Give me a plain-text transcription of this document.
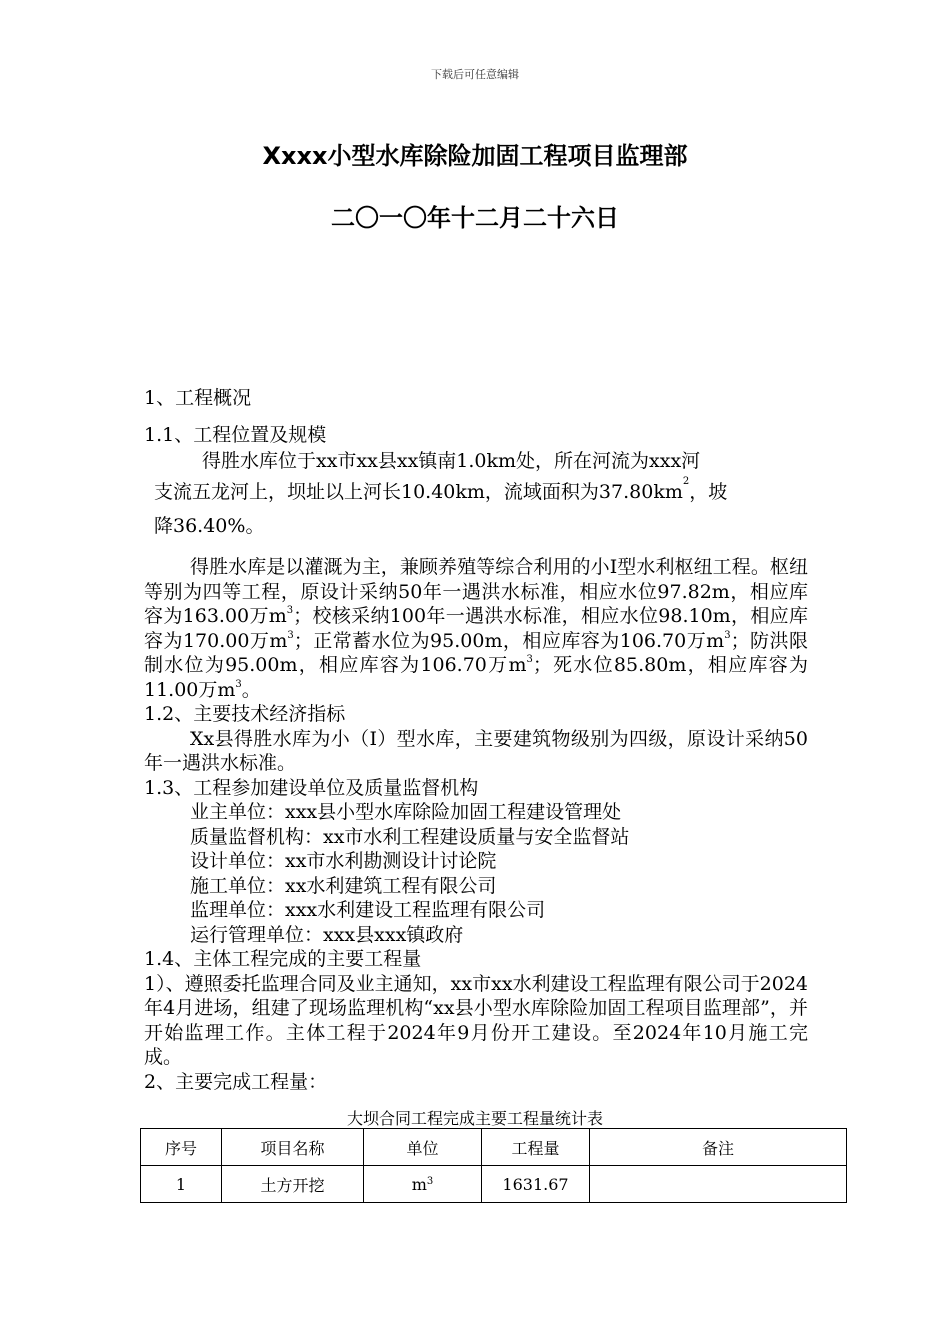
下载后可任意编辑
Xxxx小型水库除险加固工程项目监理部
二〇一〇年十二月二十六日

1、工程概况

1.1、工程位置及规模

得胜水库位于xx市xx县xx镇南1.0km处，所在河流为xxx河

支流五龙河上，坝址以上河长10.40km，流域面积为$37.80km^2$，坡

降36.40%。

得胜水库是以灌溉为主，兼顾养殖等综合利用的小Ⅰ型水利枢纽工程。枢纽等别为四等工程，原设计采纳50年一遇洪水标准，相应水位97.82m，相应库容为163.00万$m^3$；校核采纳100年一遇洪水标准，相应水位98.10m，相应库容为170.00万$m^3$；正常蓄水位为95.00m，相应库容为106.70万$m^3$；防洪限制水位为95.00m，相应库容为106.70万$m^3$；死水位85.80m，相应库容为11.00万$m^3$。

1.2、主要技术经济指标

Xx县得胜水库为小（I）型水库，主要建筑物级别为四级，原设计采纳50年一遇洪水标准。

1.3、工程参加建设单位及质量监督机构

业主单位：xxx县小型水库除险加固工程建设管理处

质量监督机构：xx市水利工程建设质量与安全监督站

设计单位：xx市水利勘测设计讨论院

施工单位：xx水利建筑工程有限公司

监理单位：xxx水利建设工程监理有限公司

运行管理单位：xxx县xxx镇政府

1.4、主体工程完成的主要工程量

1）、遵照委托监理合同及业主通知，xx市xx水利建设工程监理有限公司于2024年4月进场，组建了现场监理机构“xx县小型水库除险加固工程项目监理部”，并开始监理工作。主体工程于2024年9月份开工建设。至2024年10月施工完成。

2、主要完成工程量：

大坝合同工程完成主要工程量统计表
序号	项目名称	单位	工程量	备注
1	土方开挖	$m^3$	1631.67	
